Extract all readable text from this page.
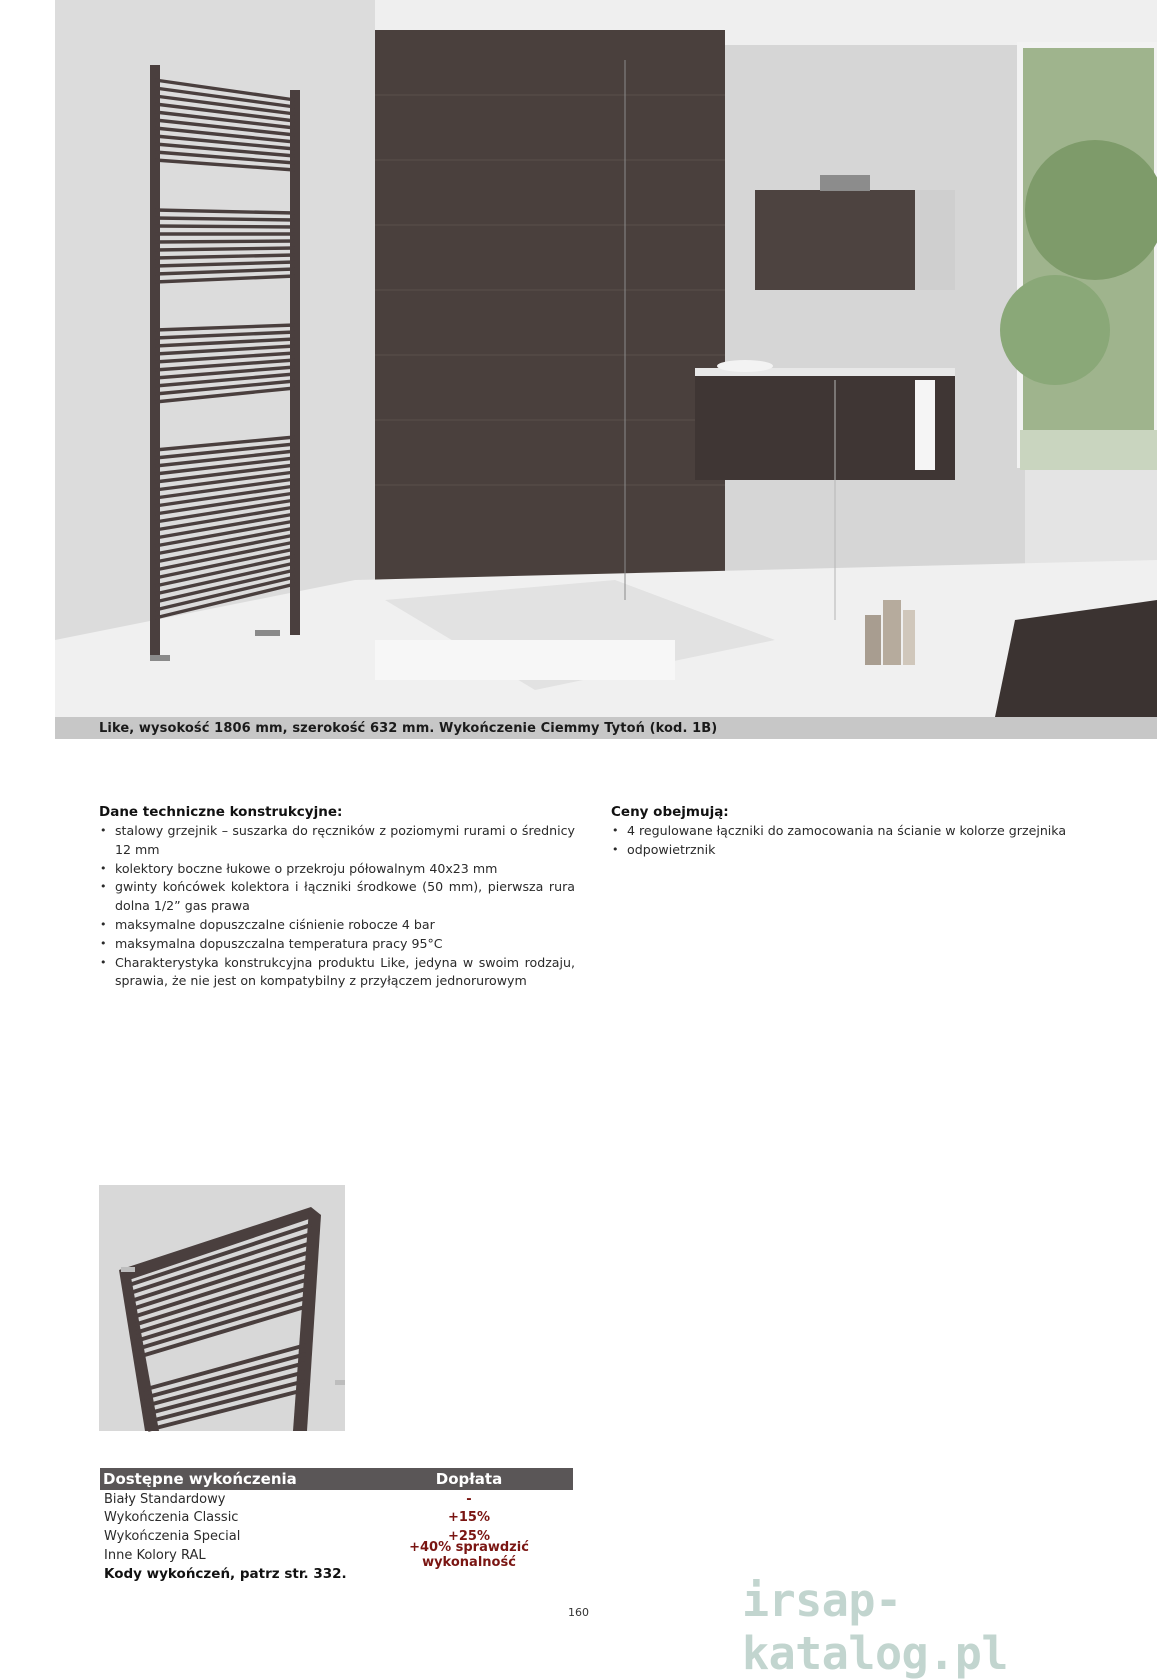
Like, wysokość 1806 mm, szerokość 632 mm. Wykończenie Ciemmy Tytoń (kod. 1B)
Dane techniczne konstrukcyjne:
• stalowy grzejnik – suszarka do ręczników z poziomymi rurami o średnicy 12 mm
• kolektory boczne łukowe o przekroju półowalnym 40x23 mm
• gwinty końcówek kolektora i łączniki środkowe (50 mm), pierwsza rura dolna 1/2” gas prawa
• maksymalne dopuszczalne ciśnienie robocze 4 bar
• maksymalna dopuszczalna temperatura pracy 95°C
• Charakterystyka konstrukcyjna produktu Like, jedyna w swoim rodzaju, sprawia, że nie jest on kompatybilny z przyłączem jednorurowym
Ceny obejmują:
• 4 regulowane łączniki do zamocowania na ścianie w kolorze grzejnika
• odpowietrznik
Dostępne wykończenia	Dopłata
Biały Standardowy	-
Wykończenia Classic	+15%
Wykończenia Special	+25%
Inne Kolory RAL	+40% sprawdzić wykonalność
Kody wykończeń, patrz str. 332.
160	irsap-katalog.pl
